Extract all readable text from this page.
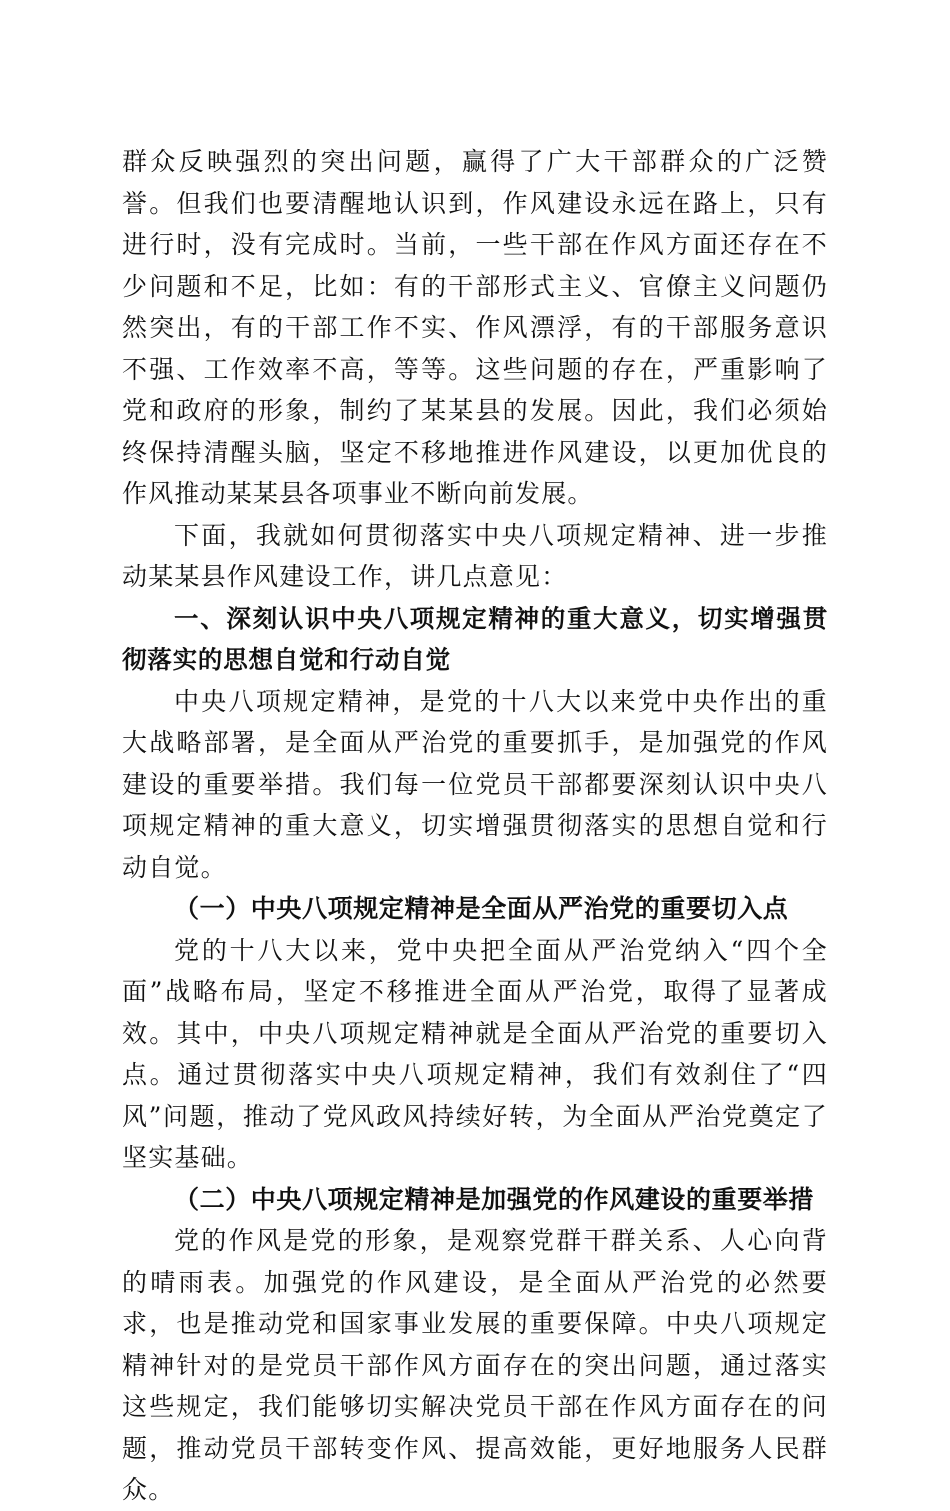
群众反映强烈的突出问题，赢得了广大干部群众的广泛赞誉。但我们也要清醒地认识到，作风建设永远在路上，只有进行时，没有完成时。当前，一些干部在作风方面还存在不少问题和不足，比如：有的干部形式主义、官僚主义问题仍然突出，有的干部工作不实、作风漂浮，有的干部服务意识不强、工作效率不高，等等。这些问题的存在，严重影响了党和政府的形象，制约了某某县的发展。因此，我们必须始终保持清醒头脑，坚定不移地推进作风建设，以更加优良的作风推动某某县各项事业不断向前发展。

下面，我就如何贯彻落实中央八项规定精神、进一步推动某某县作风建设工作，讲几点意见：

一、深刻认识中央八项规定精神的重大意义，切实增强贯彻落实的思想自觉和行动自觉

中央八项规定精神，是党的十八大以来党中央作出的重大战略部署，是全面从严治党的重要抓手，是加强党的作风建设的重要举措。我们每一位党员干部都要深刻认识中央八项规定精神的重大意义，切实增强贯彻落实的思想自觉和行动自觉。

（一）中央八项规定精神是全面从严治党的重要切入点

党的十八大以来，党中央把全面从严治党纳入“四个全面”战略布局，坚定不移推进全面从严治党，取得了显著成效。其中，中央八项规定精神就是全面从严治党的重要切入点。通过贯彻落实中央八项规定精神，我们有效刹住了“四风”问题，推动了党风政风持续好转，为全面从严治党奠定了坚实基础。

（二）中央八项规定精神是加强党的作风建设的重要举措

党的作风是党的形象，是观察党群干群关系、人心向背的晴雨表。加强党的作风建设，是全面从严治党的必然要求，也是推动党和国家事业发展的重要保障。中央八项规定精神针对的是党员干部作风方面存在的突出问题，通过落实这些规定，我们能够切实解决党员干部在作风方面存在的问题，推动党员干部转变作风、提高效能，更好地服务人民群众。
